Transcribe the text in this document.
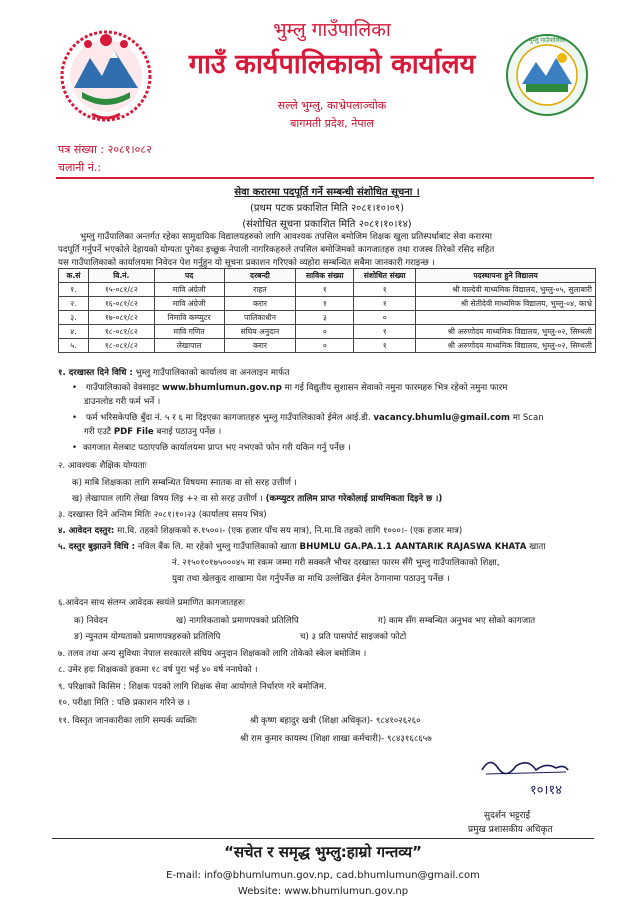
भुम्लु गाउँपालिका
गाउँ कार्यपालिकाको कार्यालय
सल्ले भुम्लु, काभ्रेपलाञ्चोक
बागमती प्रदेश, नेपाल
भुम्लु गाउँपालिका
पत्र संख्या : २०८१।०८२
चलानी नं.:
सेवा करारमा पदपूर्ति गर्ने सम्बन्धी संशोधित सूचना ।
(प्रथम पटक प्रकाशित मिति २०८१।१०।०९)
(संशोधित सूचना प्रकाशित मिति २०८१।१०।१४)
भुम्लु गाउँपालिका अन्तर्गत रहेका सामुदायिक विद्यालयहरुको लागि आवश्यक तपसिल बमोजिम शिक्षक खुला प्रतिस्पर्धाबाट सेवा करारमा
पदपूर्ति गर्नुपर्ने भएकोले देहायको योग्यता पुगेका इच्छुक नेपाली नागरिकहरुले तपसिल बमोजिमको कागजातहरु तथा राजस्व तिरेको रसिद सहित
यस गाउँपालिकाको कार्यालयमा निवेदन पेश गर्नुहुन यो सूचना प्रकाशन गरिएको व्यहोरा सम्बन्धित सबैमा जानकारी गराइन्छ ।
क.सं	वि.नं.	पद	दरबन्दी	साविक संख्या	संशोधित संख्या	पदस्थापना हुने विद्यालय
१.	१५-०८१/८२	मावि अंग्रेजी	राहत	१	१	श्री वाल्देवी माध्यमिक विद्यालय, भुम्लु-०५, सुलाबारी
२.	१६-०८१/८२	मावि अंग्रेजी	करार	१	१	श्री सेतीदेवी माध्यमिक विद्यालय, भुम्लु-०४, काभ्रे
३.	१७-०८१/८२	निमावि कम्प्युटर	पालिकाधीन	३	०	
४.	१८-०८१/८२	मावि गणित	संघिय अनुदान	०	१	श्री अरुणोदय माध्यमिक विद्यालय, भुम्लु-०२, सिम्थली
५.	१८-०८१/८२	लेखापाल	करार	०	१	श्री अरुणोदय माध्यमिक विद्यालय, भुम्लु-०२, सिम्थली
१. दरखास्त दिने विधि : भुम्लु गाउँपालिकाको कार्यालय वा अनलाइन मार्फत
• गाउँपालिकाको वेवसाइट www.bhumlumun.gov.np मा गई विद्युतीय सुशासन सेवाको नमुना फारमहरु भित्र रहेको नमुना फारम
डाउनलोड गरी फर्म भर्ने ।
• फर्म भरिसकेपछि बुँदा नं. ५ र ६ मा दिइएका कागजातहरु भुम्लु गाउँपालिकाको ईमेल आई.डी. vacancy.bhumlu@gmail.com मा Scan
गरी एउटै PDF File बनाई पठाउनु पर्नेछ ।
• कागजात मेलबाट पठाएपछि कार्यालयमा प्राप्त भए नभएको फोन गरी यकिन गर्नु पर्नेछ ।
२. आवश्यक शैक्षिक योग्यताः
क) माबि शिक्षकका लागि सम्बन्धित विषयमा स्नातक वा सो सरह उत्तीर्ण ।
ख) लेखापाल लागि लेखा विषय लिइ +२ वा सो सरह उत्तीर्ण । (कम्प्युटर तालिम प्राप्त गरेकोलाई प्राथमिकता दिइने छ ।)
३. दरखास्त दिने अन्तिम मितिः २०८१।१०।२३ (कार्यालय समय भित्र)
४. आवेदन दस्तुर: मा.वि. तहको शिक्षकको रु.१५००।- (एक हजार पाँच सय मात्र), नि.मा.वि तहको लागि १०००।- (एक हजार मात्र)
५. दस्तुर बुझाउने विधि : नविल बैंक लि. मा रहेको भुम्लु गाउँपालिकाको खाता BHUMLU GA.PA.1.1 AANTARIK RAJASWA KHATA खाता
नं. २१५०१०१७५०००४५ मा रकम जम्मा गरी सक्कलै भौचर दरखास्त फारम सँगै भुम्लु गाउँपालिकाको शिक्षा,
युवा तथा खेलकुद शाखामा पेश गर्नुपर्नेछ वा माथि उल्लेखित ईमेल ठेगानामा पठाउनु पर्नेछ ।
६.आवेदन साथ संलग्न आवेदक स्वयंले प्रमाणित कागजातहरुः
क) निवेदन	ख) नागरिकताको प्रमाणपत्रको प्रतिलिपि	ग) काम सँग सम्बन्धित अनुभव भए सोको कागजात
ङ) न्युनतम योग्यताको प्रमाणपत्रहरुको प्रतिलिपि	च) ३ प्रति पासपोर्ट साइजको फोटो
७. तलव तथा अन्य सुविधाः नेपाल सरकारले संघिय अनुदान शिक्षकको लागि तोकेको स्केल बमोजिम ।
८. उमेर हदः शिक्षकको हकमा १८ वर्ष पुरा भई ४० वर्ष ननाघेको ।
९. परिक्षाको किसिम : शिक्षक पदको लागि शिक्षक सेवा आयोगले निर्धारण गरे बमोजिम.
१०. परीक्षा मिति : पछि प्रकाशन गरिने छ ।
११. विस्तृत जानकारीका लागि सम्पर्क व्यक्तिः	श्री कृष्ण बहादुर खत्री (शिक्षा अधिकृत)- ९८४१०२६२६०
श्री राम कुमार कायस्थ (शिक्षा शाखा कर्मचारी)- ९८४३१६८६५७
१०।१४
सुदर्शन भट्टराई
प्रमुख प्रशासकीय अधिकृत
“सचेत र समृद्ध भुम्लु:हाम्रो गन्तव्य”
E-mail: info@bhumlumun.gov.np, cad.bhumlumun@gmail.com
Website: www.bhumlumun.gov.np
